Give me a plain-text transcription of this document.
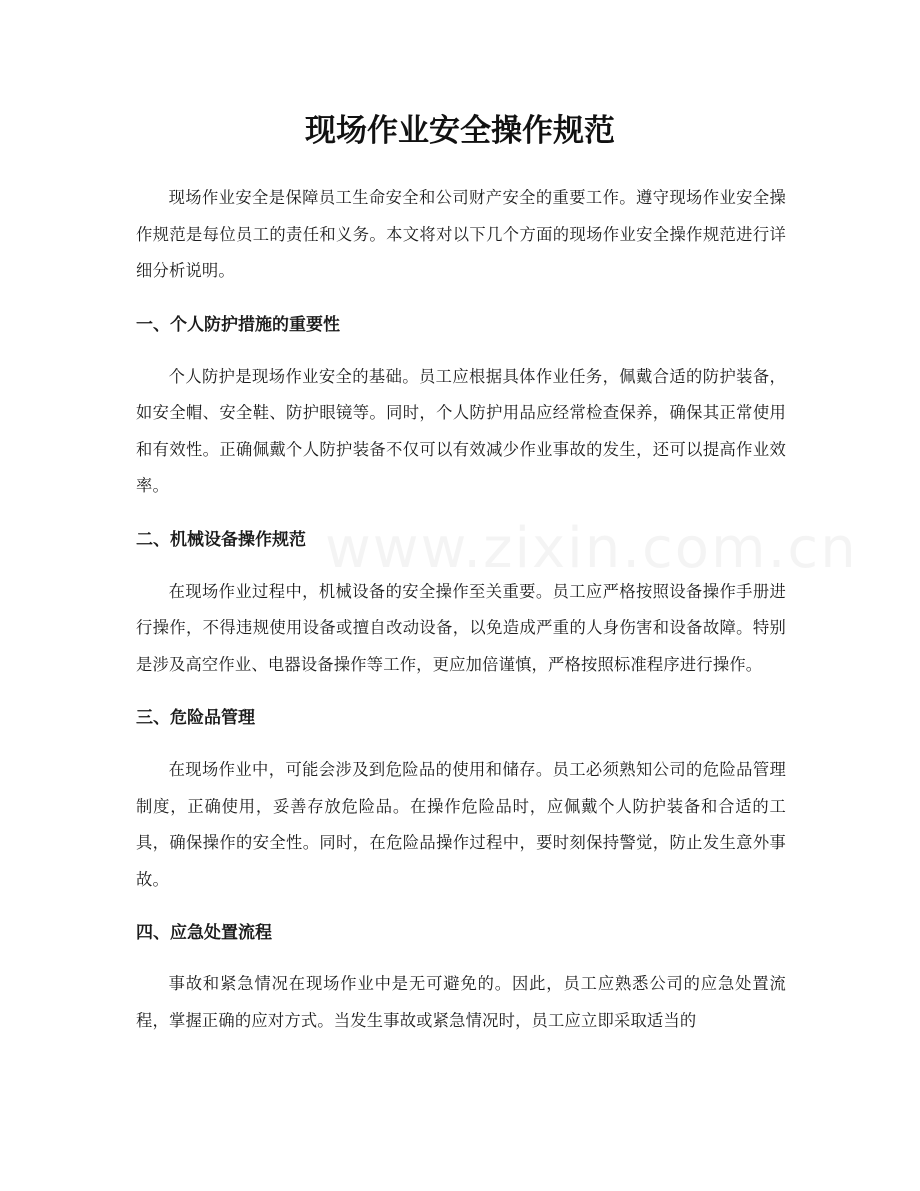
现场作业安全操作规范

现场作业安全是保障员工生命安全和公司财产安全的重要工作。遵守现场作业安全操作规范是每位员工的责任和义务。本文将对以下几个方面的现场作业安全操作规范进行详细分析说明。

一、个人防护措施的重要性

个人防护是现场作业安全的基础。员工应根据具体作业任务，佩戴合适的防护装备，如安全帽、安全鞋、防护眼镜等。同时，个人防护用品应经常检查保养，确保其正常使用和有效性。正确佩戴个人防护装备不仅可以有效减少作业事故的发生，还可以提高作业效率。

二、机械设备操作规范

在现场作业过程中，机械设备的安全操作至关重要。员工应严格按照设备操作手册进行操作，不得违规使用设备或擅自改动设备，以免造成严重的人身伤害和设备故障。特别是涉及高空作业、电器设备操作等工作，更应加倍谨慎，严格按照标准程序进行操作。

三、危险品管理

在现场作业中，可能会涉及到危险品的使用和储存。员工必须熟知公司的危险品管理制度，正确使用，妥善存放危险品。在操作危险品时，应佩戴个人防护装备和合适的工具，确保操作的安全性。同时，在危险品操作过程中，要时刻保持警觉，防止发生意外事故。

四、应急处置流程

事故和紧急情况在现场作业中是无可避免的。因此，员工应熟悉公司的应急处置流程，掌握正确的应对方式。当发生事故或紧急情况时，员工应立即采取适当的
